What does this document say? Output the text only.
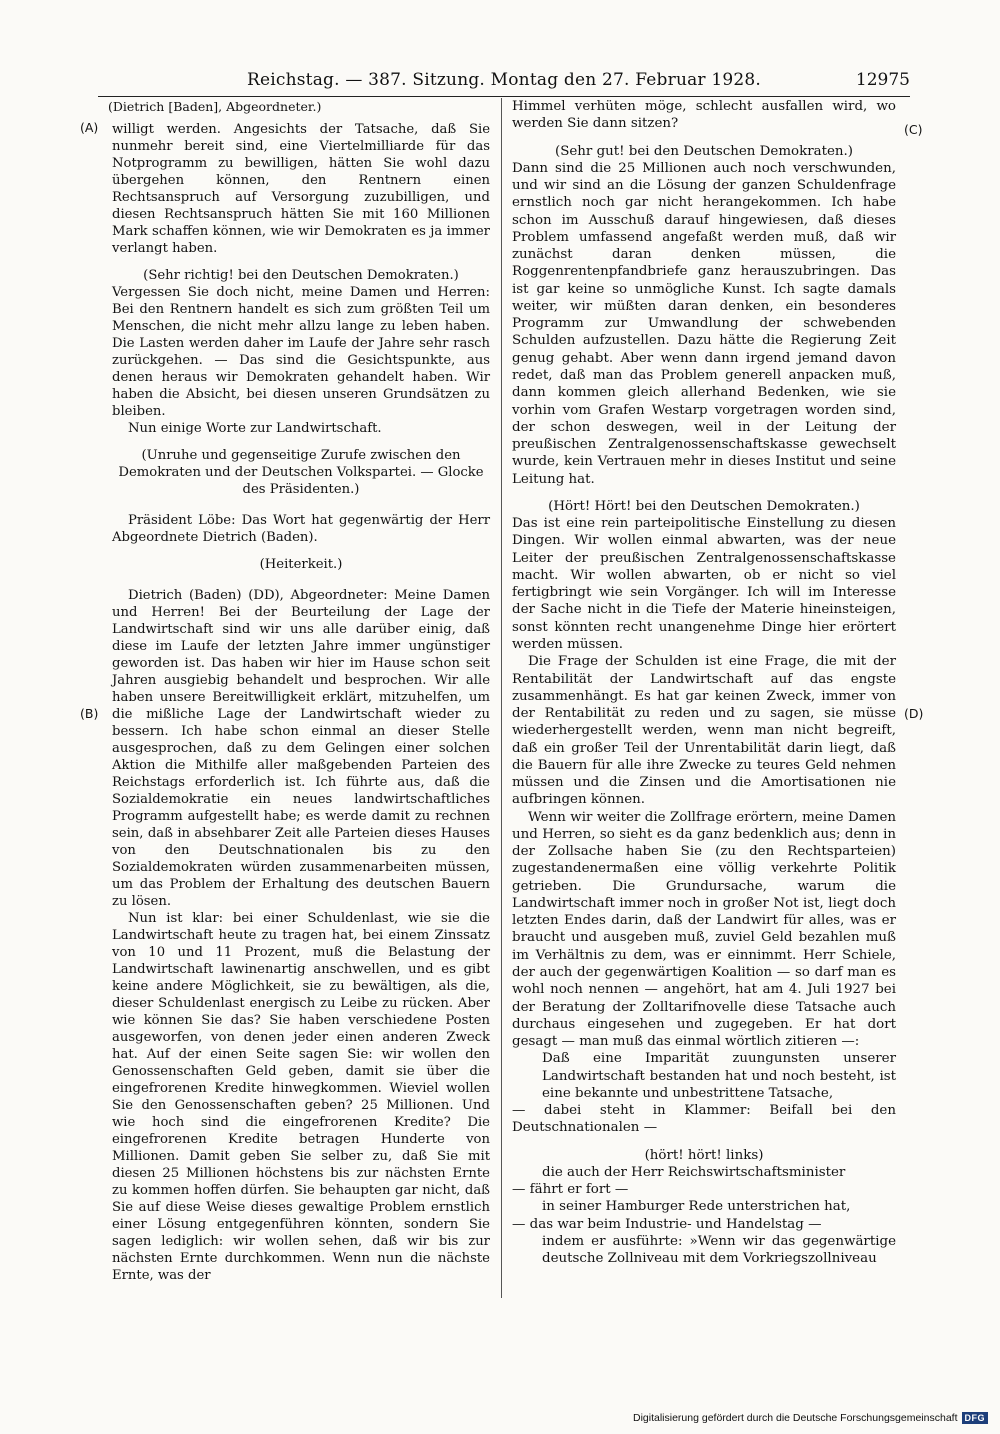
Reichstag. — 387. Sitzung. Montag den 27. Februar 1928.	12975
(A)
(B)
(C)
(D)

(Dietrich [Baden], Abgeordneter.)

willigt werden. Angesichts der Tatsache, daß Sie nunmehr bereit sind, eine Viertelmilliarde für das Notprogramm zu bewilligen, hätten Sie wohl dazu übergehen können, den Rentnern einen Rechtsanspruch auf Versorgung zuzubilligen, und diesen Rechtsanspruch hätten Sie mit 160 Millionen Mark schaffen können, wie wir Demokraten es ja immer verlangt haben.

(Sehr richtig! bei den Deutschen Demokraten.)

Vergessen Sie doch nicht, meine Damen und Herren: Bei den Rentnern handelt es sich zum größten Teil um Menschen, die nicht mehr allzu lange zu leben haben. Die Lasten werden daher im Laufe der Jahre sehr rasch zurückgehen. — Das sind die Gesichtspunkte, aus denen heraus wir Demokraten gehandelt haben. Wir haben die Absicht, bei diesen unseren Grundsätzen zu bleiben.

Nun einige Worte zur Landwirtschaft.

(Unruhe und gegenseitige Zurufe zwischen den Demokraten und der Deutschen Volkspartei. — Glocke des Präsidenten.)

Präsident Löbe: Das Wort hat gegenwärtig der Herr Abgeordnete Dietrich (Baden).

(Heiterkeit.)

Dietrich (Baden) (DD), Abgeordneter: Meine Damen und Herren! Bei der Beurteilung der Lage der Landwirtschaft sind wir uns alle darüber einig, daß diese im Laufe der letzten Jahre immer ungünstiger geworden ist. Das haben wir hier im Hause schon seit Jahren ausgiebig behandelt und besprochen. Wir alle haben unsere Bereitwilligkeit erklärt, mitzuhelfen, um die mißliche Lage der Landwirtschaft wieder zu bessern. Ich habe schon einmal an dieser Stelle ausgesprochen, daß zu dem Gelingen einer solchen Aktion die Mithilfe aller maßgebenden Parteien des Reichstags erforderlich ist. Ich führte aus, daß die Sozialdemokratie ein neues landwirtschaftliches Programm aufgestellt habe; es werde damit zu rechnen sein, daß in absehbarer Zeit alle Parteien dieses Hauses von den Deutschnationalen bis zu den Sozialdemokraten würden zusammenarbeiten müssen, um das Problem der Erhaltung des deutschen Bauern zu lösen.

Nun ist klar: bei einer Schuldenlast, wie sie die Landwirtschaft heute zu tragen hat, bei einem Zinssatz von 10 und 11 Prozent, muß die Belastung der Landwirtschaft lawinenartig anschwellen, und es gibt keine andere Möglichkeit, sie zu bewältigen, als die, dieser Schuldenlast energisch zu Leibe zu rücken. Aber wie können Sie das? Sie haben verschiedene Posten ausgeworfen, von denen jeder einen anderen Zweck hat. Auf der einen Seite sagen Sie: wir wollen den Genossenschaften Geld geben, damit sie über die eingefrorenen Kredite hinwegkommen. Wieviel wollen Sie den Genossenschaften geben? 25 Millionen. Und wie hoch sind die eingefrorenen Kredite? Die eingefrorenen Kredite betragen Hunderte von Millionen. Damit geben Sie selber zu, daß Sie mit diesen 25 Millionen höchstens bis zur nächsten Ernte zu kommen hoffen dürfen. Sie behaupten gar nicht, daß Sie auf diese Weise dieses gewaltige Problem ernstlich einer Lösung entgegenführen könnten, sondern Sie sagen lediglich: wir wollen sehen, daß wir bis zur nächsten Ernte durchkommen. Wenn nun die nächste Ernte, was der

Himmel verhüten möge, schlecht ausfallen wird, wo werden Sie dann sitzen?

(Sehr gut! bei den Deutschen Demokraten.)

Dann sind die 25 Millionen auch noch verschwunden, und wir sind an die Lösung der ganzen Schuldenfrage ernstlich noch gar nicht herangekommen. Ich habe schon im Ausschuß darauf hingewiesen, daß dieses Problem umfassend angefaßt werden muß, daß wir zunächst daran denken müssen, die Roggenrentenpfandbriefe ganz herauszubringen. Das ist gar keine so unmögliche Kunst. Ich sagte damals weiter, wir müßten daran denken, ein besonderes Programm zur Umwandlung der schwebenden Schulden aufzustellen. Dazu hätte die Regierung Zeit genug gehabt. Aber wenn dann irgend jemand davon redet, daß man das Problem generell anpacken muß, dann kommen gleich allerhand Bedenken, wie sie vorhin vom Grafen Westarp vorgetragen worden sind, der schon deswegen, weil in der Leitung der preußischen Zentralgenossenschaftskasse gewechselt wurde, kein Vertrauen mehr in dieses Institut und seine Leitung hat.

(Hört! Hört! bei den Deutschen Demokraten.)

Das ist eine rein parteipolitische Einstellung zu diesen Dingen. Wir wollen einmal abwarten, was der neue Leiter der preußischen Zentralgenossenschaftskasse macht. Wir wollen abwarten, ob er nicht so viel fertigbringt wie sein Vorgänger. Ich will im Interesse der Sache nicht in die Tiefe der Materie hineinsteigen, sonst könnten recht unangenehme Dinge hier erörtert werden müssen.

Die Frage der Schulden ist eine Frage, die mit der Rentabilität der Landwirtschaft auf das engste zusammenhängt. Es hat gar keinen Zweck, immer von der Rentabilität zu reden und zu sagen, sie müsse wiederhergestellt werden, wenn man nicht begreift, daß ein großer Teil der Unrentabilität darin liegt, daß die Bauern für alle ihre Zwecke zu teures Geld nehmen müssen und die Zinsen und die Amortisationen nie aufbringen können.

Wenn wir weiter die Zollfrage erörtern, meine Damen und Herren, so sieht es da ganz bedenklich aus; denn in der Zollsache haben Sie (zu den Rechtsparteien) zugestandenermaßen eine völlig verkehrte Politik getrieben. Die Grundursache, warum die Landwirtschaft immer noch in großer Not ist, liegt doch letzten Endes darin, daß der Landwirt für alles, was er braucht und ausgeben muß, zuviel Geld bezahlen muß im Verhältnis zu dem, was er einnimmt. Herr Schiele, der auch der gegenwärtigen Koalition — so darf man es wohl noch nennen — angehört, hat am 4. Juli 1927 bei der Beratung der Zolltarifnovelle diese Tatsache auch durchaus eingesehen und zugegeben. Er hat dort gesagt — man muß das einmal wörtlich zitieren —:

Daß eine Imparität zuungunsten unserer Landwirtschaft bestanden hat und noch besteht, ist eine bekannte und unbestrittene Tatsache,

— dabei steht in Klammer: Beifall bei den Deutschnationalen —

(hört! hört! links)

die auch der Herr Reichswirtschaftsminister

— fährt er fort —

in seiner Hamburger Rede unterstrichen hat,

— das war beim Industrie- und Handelstag —

indem er ausführte: »Wenn wir das gegenwärtige deutsche Zollniveau mit dem Vorkriegszollniveau

Digitalisierung gefördert durch die Deutsche Forschungsgemeinschaft DFG
